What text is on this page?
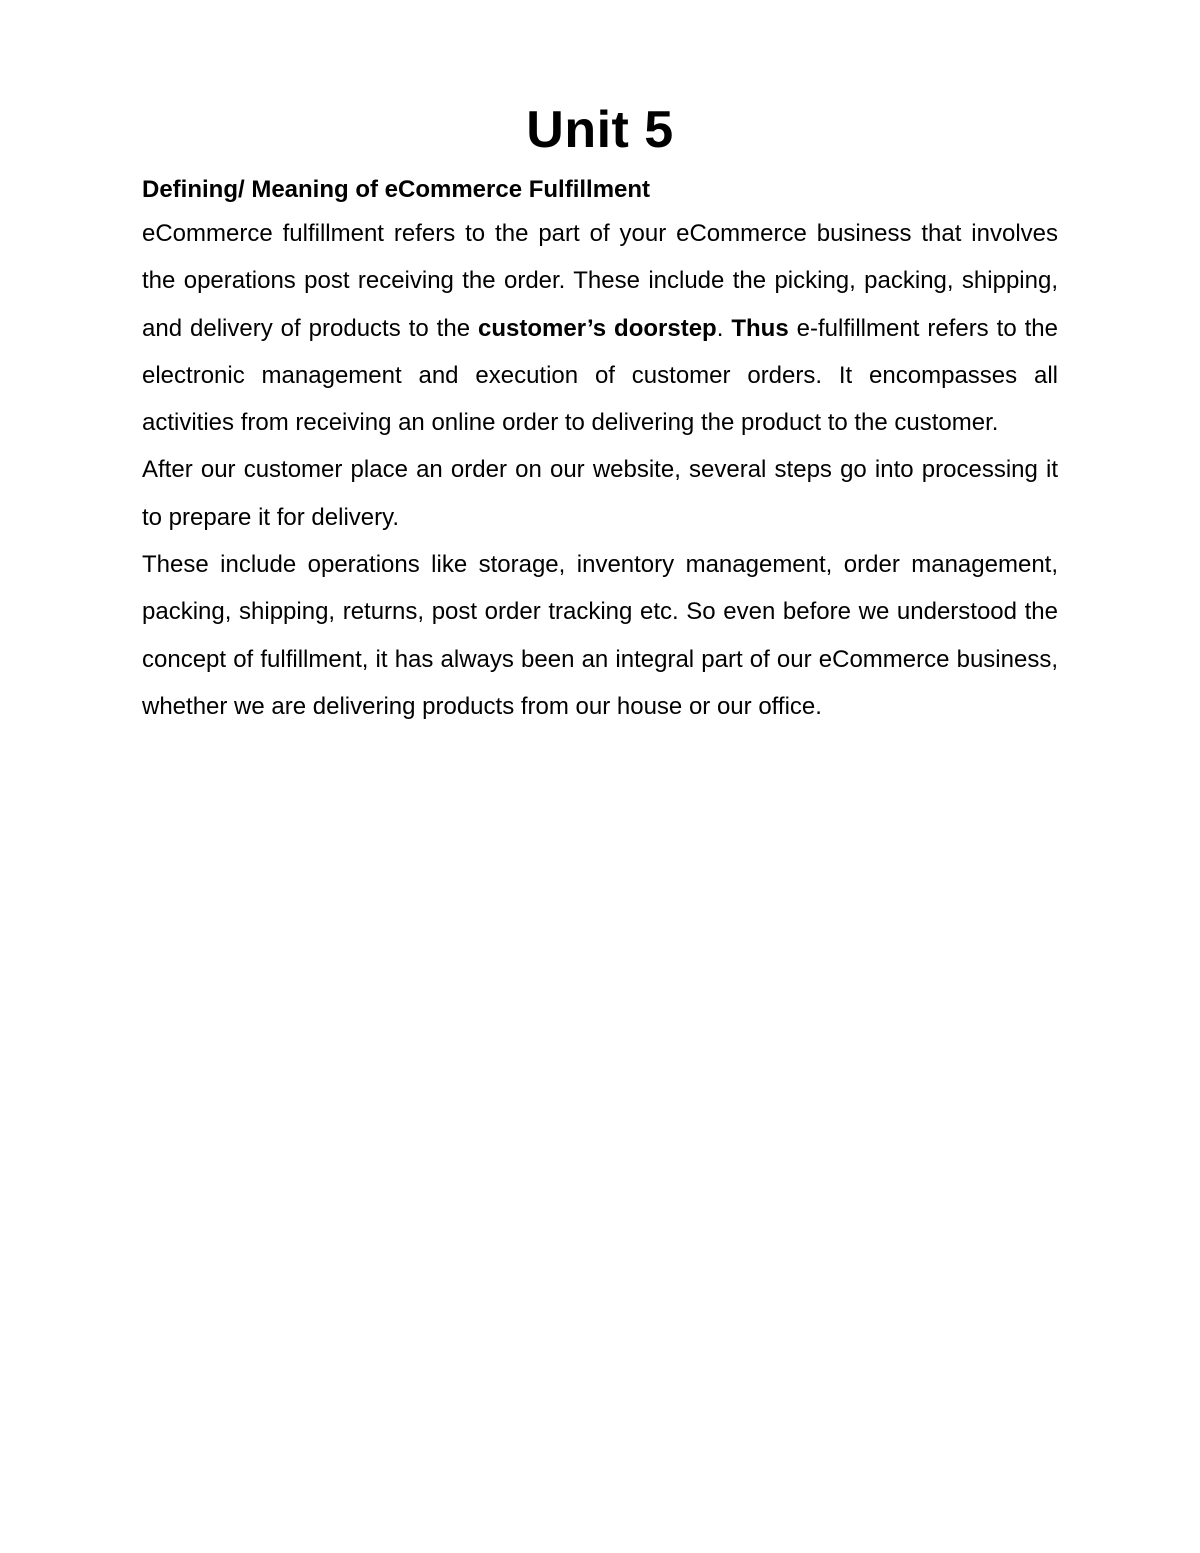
Unit 5
Defining/ Meaning of eCommerce Fulfillment

eCommerce fulfillment refers to the part of your eCommerce business that involves the operations post receiving the order. These include the picking, packing, shipping, and delivery of products to the customer’s doorstep. Thus e-fulfillment refers to the electronic management and execution of customer orders. It encompasses all activities from receiving an online order to delivering the product to the customer.

After our customer place an order on our website, several steps go into processing it to prepare it for delivery.

These include operations like storage, inventory management, order management, packing, shipping, returns, post order tracking etc. So even before we understood the concept of fulfillment, it has always been an integral part of our eCommerce business, whether we are delivering products from our house or our office.
